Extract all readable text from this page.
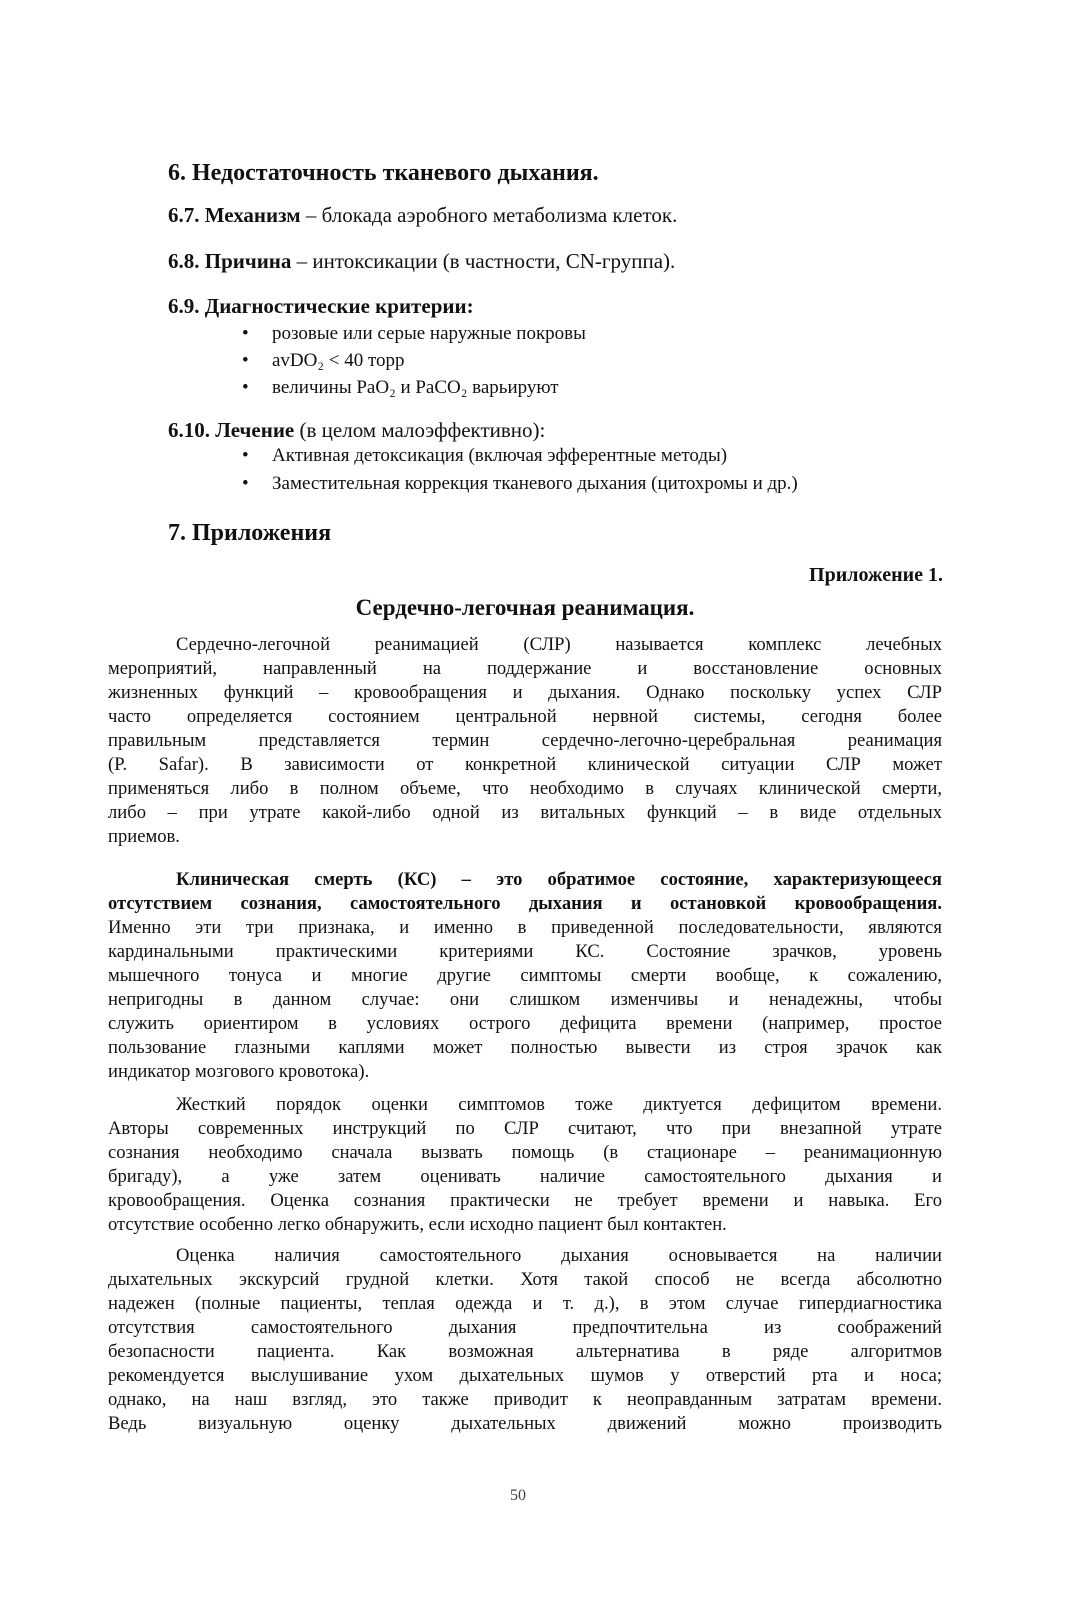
6. Недостаточность тканевого дыхания.
6.7. Механизм – блокада аэробного метаболизма клеток.
6.8. Причина – интоксикации (в частности, CN-группа).
6.9. Диагностические критерии:
• розовые или серые наружные покровы
• avDO₂ < 40 торр
• величины PaO₂ и PaCO₂ варьируют
6.10. Лечение (в целом малоэффективно):
• Активная детоксикация (включая эфферентные методы)
• Заместительная коррекция тканевого дыхания (цитохромы и др.)
7. Приложения
Приложение 1.
Сердечно-легочная реанимация.
Сердечно-легочной реанимацией (СЛР) называется комплекс лечебных
мероприятий, направленный на поддержание и восстановление основных
жизненных функций – кровообращения и дыхания. Однако поскольку успех СЛР
часто определяется состоянием центральной нервной системы, сегодня более
правильным представляется термин сердечно-легочно-церебральная реанимация
(P. Safar). В зависимости от конкретной клинической ситуации СЛР может
применяться либо в полном объеме, что необходимо в случаях клинической смерти,
либо – при утрате какой-либо одной из витальных функций – в виде отдельных
приемов.
Клиническая смерть (КС) – это обратимое состояние, характеризующееся
отсутствием сознания, самостоятельного дыхания и остановкой кровообращения.
Именно эти три признака, и именно в приведенной последовательности, являются
кардинальными практическими критериями КС. Состояние зрачков, уровень
мышечного тонуса и многие другие симптомы смерти вообще, к сожалению,
непригодны в данном случае: они слишком изменчивы и ненадежны, чтобы
служить ориентиром в условиях острого дефицита времени (например, простое
пользование глазными каплями может полностью вывести из строя зрачок как
индикатор мозгового кровотока).
Жесткий порядок оценки симптомов тоже диктуется дефицитом времени.
Авторы современных инструкций по СЛР считают, что при внезапной утрате
сознания необходимо сначала вызвать помощь (в стационаре – реанимационную
бригаду), а уже затем оценивать наличие самостоятельного дыхания и
кровообращения. Оценка сознания практически не требует времени и навыка. Его
отсутствие особенно легко обнаружить, если исходно пациент был контактен.
Оценка наличия самостоятельного дыхания основывается на наличии
дыхательных экскурсий грудной клетки. Хотя такой способ не всегда абсолютно
надежен (полные пациенты, теплая одежда и т. д.), в этом случае гипердиагностика
отсутствия самостоятельного дыхания предпочтительна из соображений
безопасности пациента. Как возможная альтернатива в ряде алгоритмов
рекомендуется выслушивание ухом дыхательных шумов у отверстий рта и носа;
однако, на наш взгляд, это также приводит к неоправданным затратам времени.
Ведь визуальную оценку дыхательных движений можно производить
50
